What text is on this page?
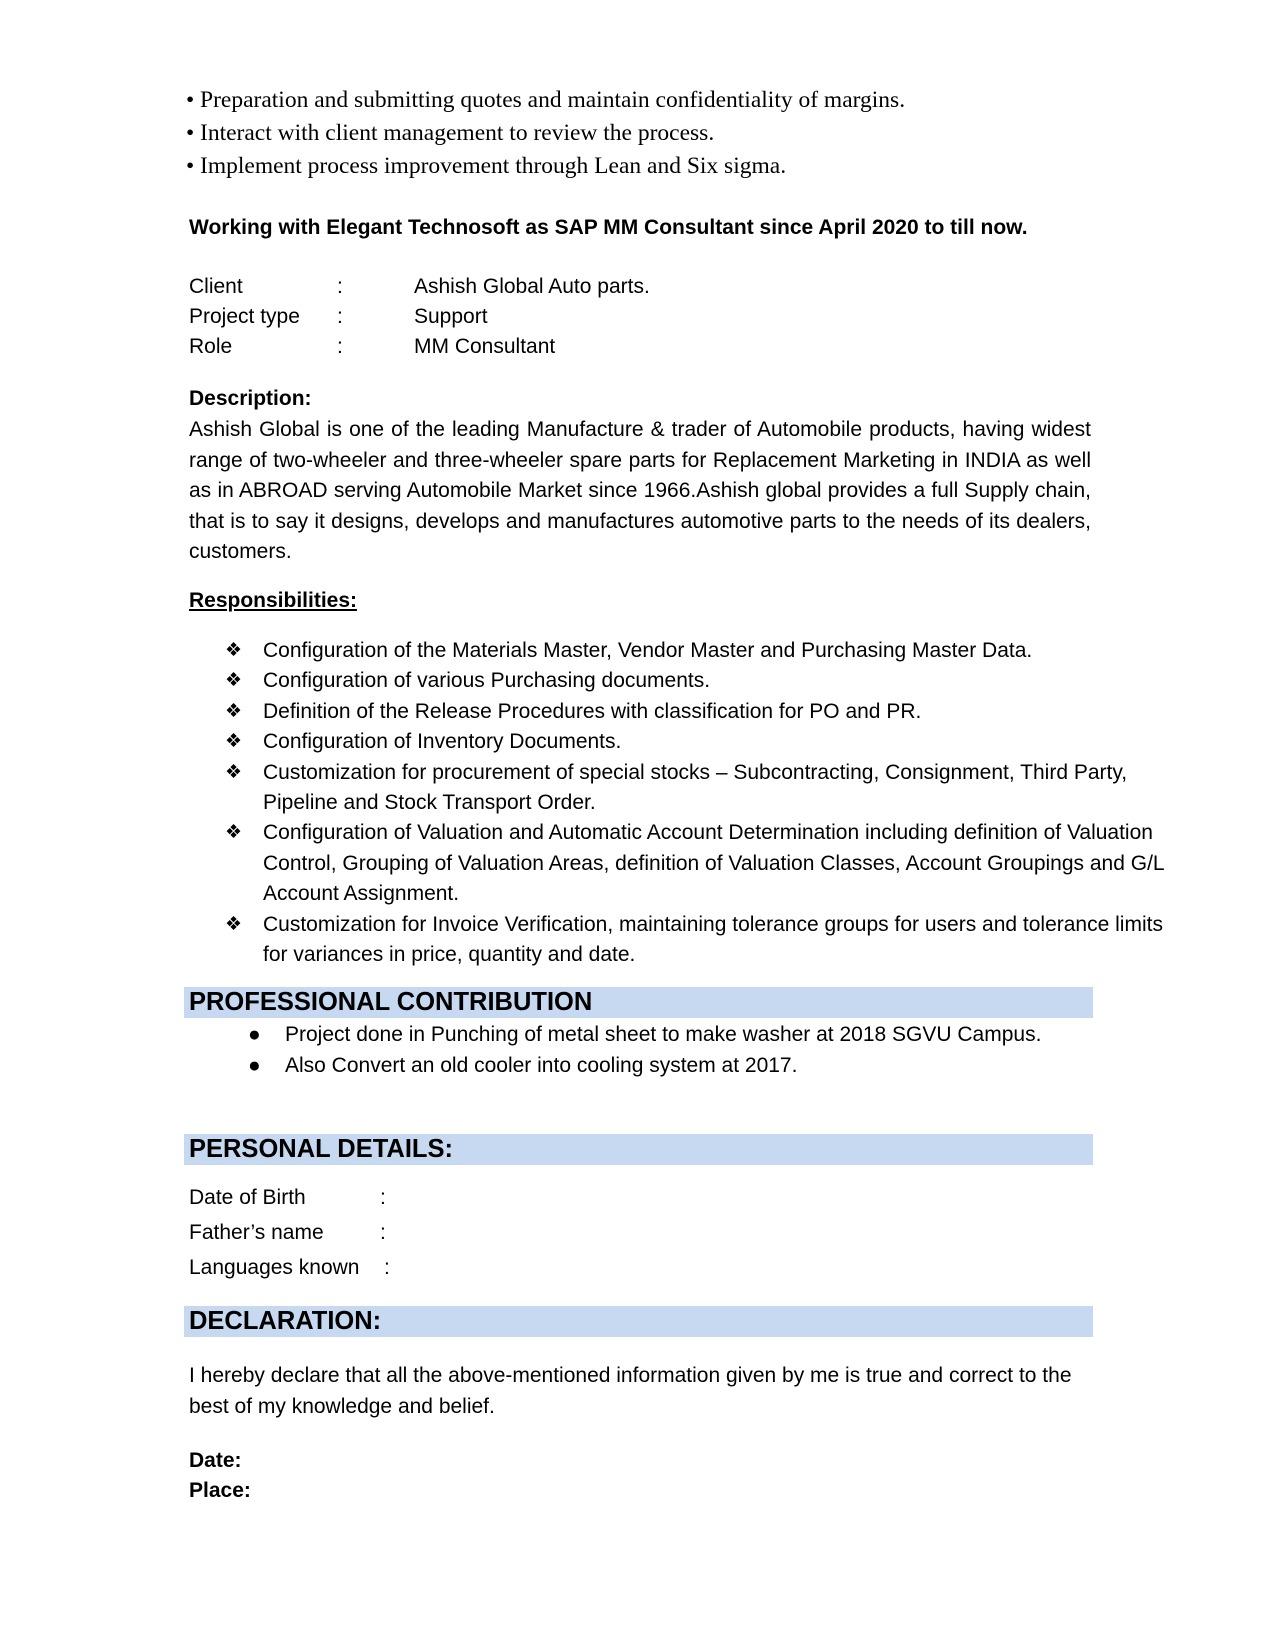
• Preparation and submitting quotes and maintain confidentiality of margins.
• Interact with client management to review the process.
• Implement process improvement through Lean and Six sigma.
Working with Elegant Technosoft as SAP MM Consultant since April 2020 to till now.
Client	:	Ashish Global Auto parts.
Project type :	Support
Role	:	MM Consultant
Description:

Ashish Global is one of the leading Manufacture & trader of Automobile products, having widest range of two-wheeler and three-wheeler spare parts for Replacement Marketing in INDIA as well as in ABROAD serving Automobile Market since 1966.Ashish global provides a full Supply chain, that is to say it designs, develops and manufactures automotive parts to the needs of its dealers, customers.

Responsibilities:
❖ Configuration of the Materials Master, Vendor Master and Purchasing Master Data.
❖ Configuration of various Purchasing documents.
❖ Definition of the Release Procedures with classification for PO and PR.
❖ Configuration of Inventory Documents.
❖ Customization for procurement of special stocks – Subcontracting, Consignment, Third Party, Pipeline and Stock Transport Order.
❖ Configuration of Valuation and Automatic Account Determination including definition of Valuation Control, Grouping of Valuation Areas, definition of Valuation Classes, Account Groupings and G/L Account Assignment.
❖ Customization for Invoice Verification, maintaining tolerance groups for users and tolerance limits for variances in price, quantity and date.
PROFESSIONAL CONTRIBUTION
● Project done in Punching of metal sheet to make washer at 2018 SGVU Campus.
● Also Convert an old cooler into cooling system at 2017.
PERSONAL DETAILS:
Date of Birth	:
Father’s name	:
Languages known :
DECLARATION:

I hereby declare that all the above-mentioned information given by me is true and correct to the best of my knowledge and belief.

Date:
Place:
